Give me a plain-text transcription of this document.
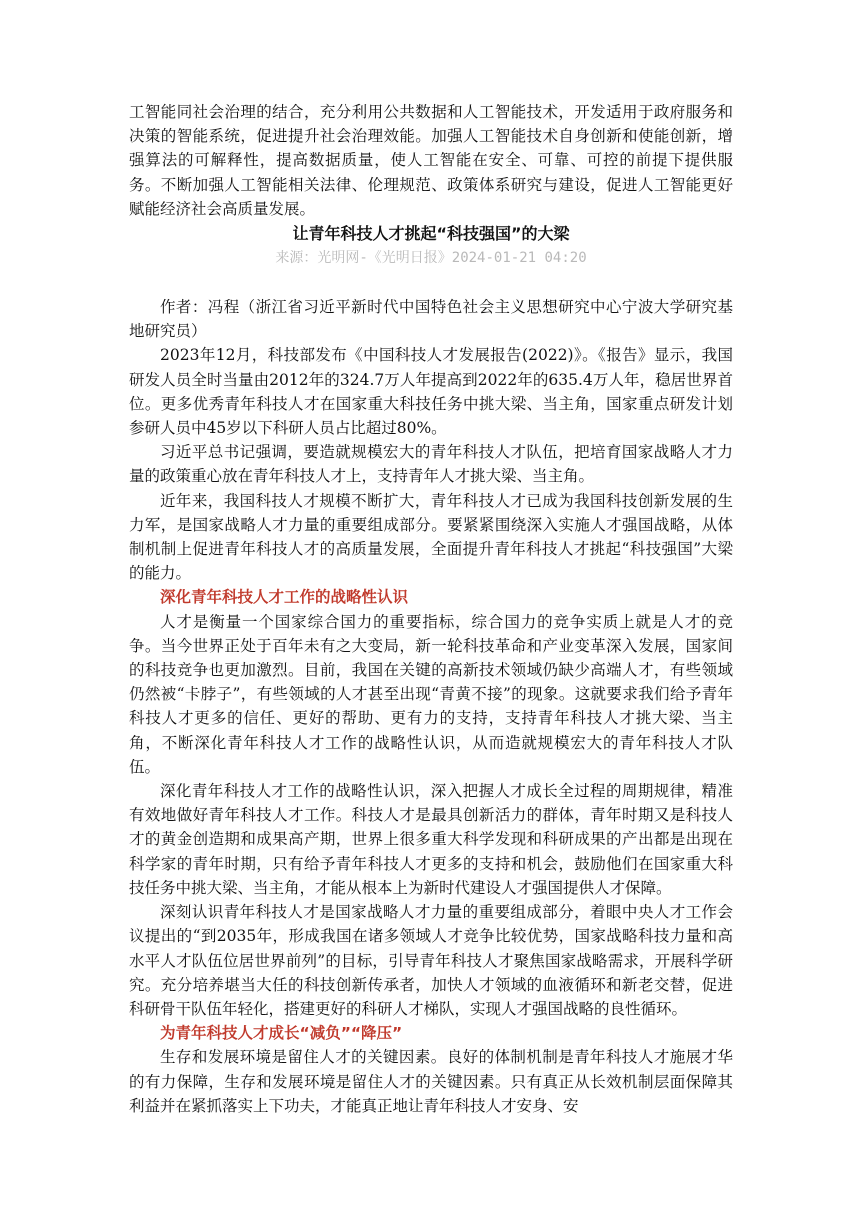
工智能同社会治理的结合，充分利用公共数据和人工智能技术，开发适用于政府服务和决策的智能系统，促进提升社会治理效能。加强人工智能技术自身创新和使能创新，增强算法的可解释性，提高数据质量，使人工智能在安全、可靠、可控的前提下提供服务。不断加强人工智能相关法律、伦理规范、政策体系研究与建设，促进人工智能更好赋能经济社会高质量发展。

让青年科技人才挑起“科技强国”的大梁
来源：光明网-《光明日报》2024-01-21 04:20

作者：冯程（浙江省习近平新时代中国特色社会主义思想研究中心宁波大学研究基地研究员）

2023年12月，科技部发布《中国科技人才发展报告(2022)》。《报告》显示，我国研发人员全时当量由2012年的324.7万人年提高到2022年的635.4万人年，稳居世界首位。更多优秀青年科技人才在国家重大科技任务中挑大梁、当主角，国家重点研发计划参研人员中45岁以下科研人员占比超过80%。

习近平总书记强调，要造就规模宏大的青年科技人才队伍，把培育国家战略人才力量的政策重心放在青年科技人才上，支持青年人才挑大梁、当主角。

近年来，我国科技人才规模不断扩大，青年科技人才已成为我国科技创新发展的生力军，是国家战略人才力量的重要组成部分。要紧紧围绕深入实施人才强国战略，从体制机制上促进青年科技人才的高质量发展，全面提升青年科技人才挑起“科技强国”大梁的能力。

深化青年科技人才工作的战略性认识

人才是衡量一个国家综合国力的重要指标，综合国力的竞争实质上就是人才的竞争。当今世界正处于百年未有之大变局，新一轮科技革命和产业变革深入发展，国家间的科技竞争也更加激烈。目前，我国在关键的高新技术领域仍缺少高端人才，有些领域仍然被“卡脖子”，有些领域的人才甚至出现“青黄不接”的现象。这就要求我们给予青年科技人才更多的信任、更好的帮助、更有力的支持，支持青年科技人才挑大梁、当主角，不断深化青年科技人才工作的战略性认识，从而造就规模宏大的青年科技人才队伍。

深化青年科技人才工作的战略性认识，深入把握人才成长全过程的周期规律，精准有效地做好青年科技人才工作。科技人才是最具创新活力的群体，青年时期又是科技人才的黄金创造期和成果高产期，世界上很多重大科学发现和科研成果的产出都是出现在科学家的青年时期，只有给予青年科技人才更多的支持和机会，鼓励他们在国家重大科技任务中挑大梁、当主角，才能从根本上为新时代建设人才强国提供人才保障。

深刻认识青年科技人才是国家战略人才力量的重要组成部分，着眼中央人才工作会议提出的“到2035年，形成我国在诸多领域人才竞争比较优势，国家战略科技力量和高水平人才队伍位居世界前列”的目标，引导青年科技人才聚焦国家战略需求，开展科学研究。充分培养堪当大任的科技创新传承者，加快人才领域的血液循环和新老交替，促进科研骨干队伍年轻化，搭建更好的科研人才梯队，实现人才强国战略的良性循环。

为青年科技人才成长“减负”“降压”

生存和发展环境是留住人才的关键因素。良好的体制机制是青年科技人才施展才华的有力保障，生存和发展环境是留住人才的关键因素。只有真正从长效机制层面保障其利益并在紧抓落实上下功夫，才能真正地让青年科技人才安身、安
